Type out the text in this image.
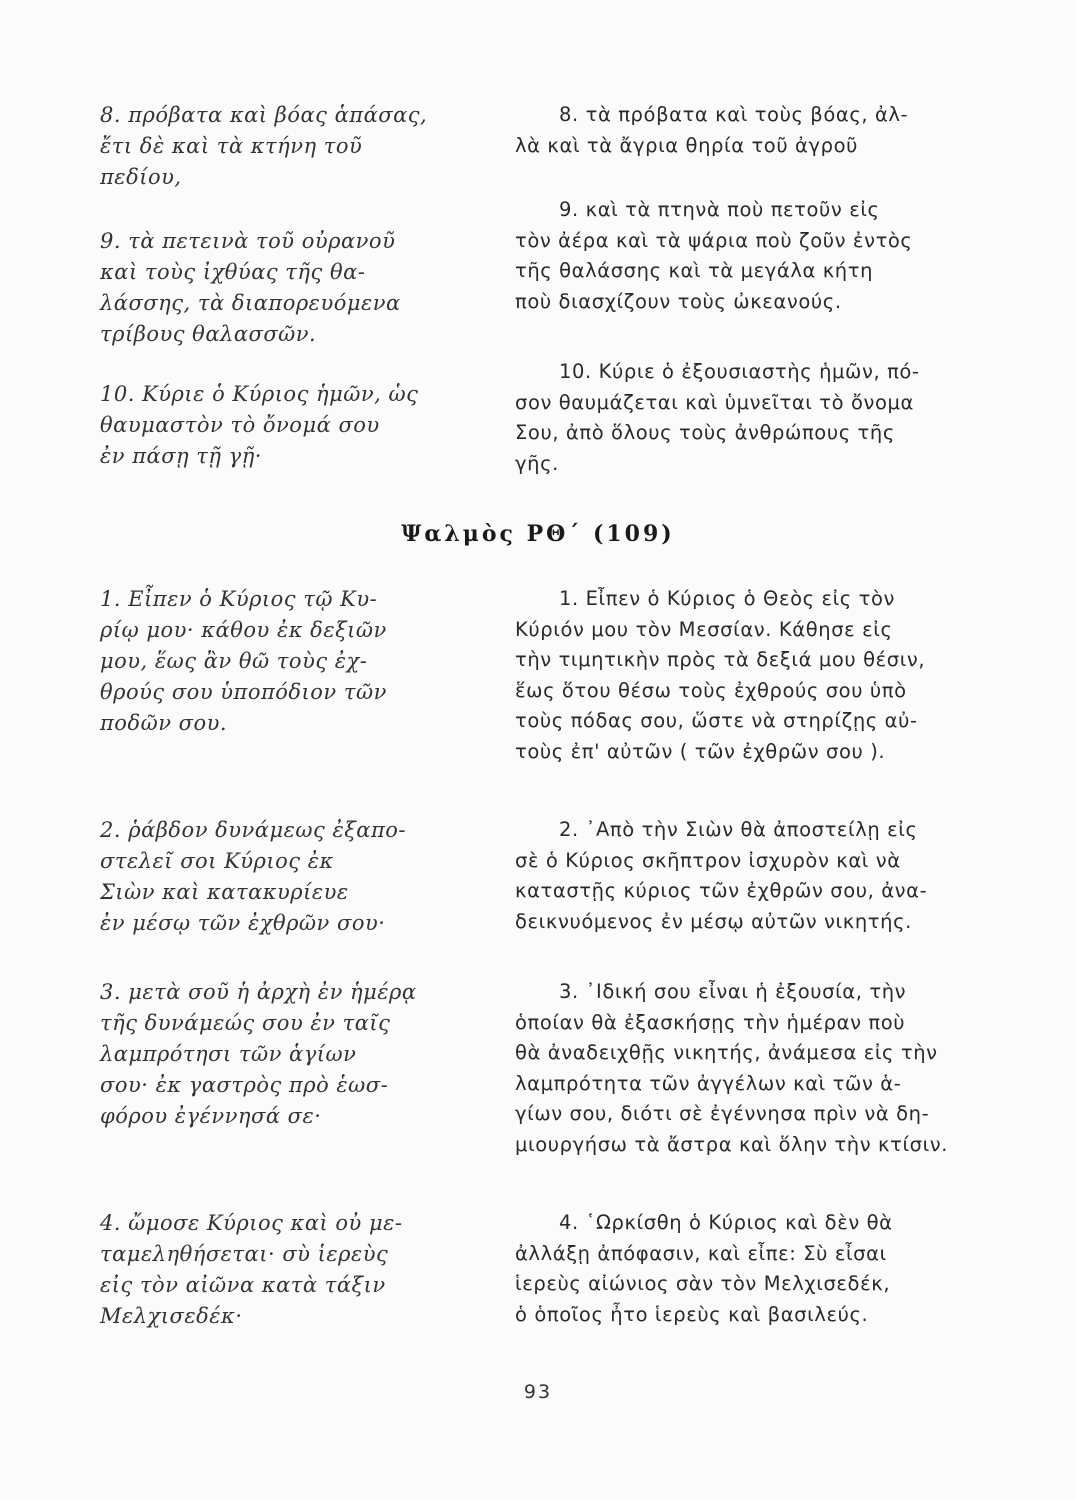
8. πρόβατα καὶ βόας ἁπάσας,
ἔτι δὲ καὶ τὰ κτήνη τοῦ
πεδίου,
8. τὰ πρόβατα καὶ τοὺς βόας, ἀλ-
λὰ καὶ τὰ ἄγρια θηρία τοῦ ἀγροῦ
9. τὰ πετεινὰ τοῦ οὐρανοῦ
καὶ τοὺς ἰχθύας τῆς θα-
λάσσης, τὰ διαπορευόμενα
τρίβους θαλασσῶν.
9. καὶ τὰ πτηνὰ ποὺ πετοῦν εἰς
τὸν ἀέρα καὶ τὰ ψάρια ποὺ ζοῦν ἐντὸς
τῆς θαλάσσης καὶ τὰ μεγάλα κήτη
ποὺ διασχίζουν τοὺς ὠκεανούς.
10. Κύριε ὁ Κύριος ἡμῶν, ὡς
θαυμαστὸν τὸ ὄνομά σου
ἐν πάσῃ τῇ γῇ·
10. Κύριε ὁ ἐξουσιαστὴς ἡμῶν, πό-
σον θαυμάζεται καὶ ὑμνεῖται τὸ ὄνομα
Σου, ἀπὸ ὅλους τοὺς ἀνθρώπους τῆς
γῆς.
Ψαλμὸς ΡΘ΄ (109)
1. Εἶπεν ὁ Κύριος τῷ Κυ-
ρίῳ μου· κάθου ἐκ δεξιῶν
μου, ἕως ἂν θῶ τοὺς ἐχ-
θρούς σου ὑποπόδιον τῶν
ποδῶν σου.
1. Εἶπεν ὁ Κύριος ὁ Θεὸς εἰς τὸν
Κύριόν μου τὸν Μεσσίαν. Κάθησε εἰς
τὴν τιμητικὴν πρὸς τὰ δεξιά μου θέσιν,
ἕως ὅτου θέσω τοὺς ἐχθρούς σου ὑπὸ
τοὺς πόδας σου, ὥστε νὰ στηρίζῃς αὐ-
τοὺς ἐπ' αὐτῶν ( τῶν ἐχθρῶν σου ).
2. ῥάβδον δυνάμεως ἐξαπο-
στελεῖ σοι Κύριος ἐκ
Σιὼν καὶ κατακυρίευε
ἐν μέσῳ τῶν ἐχθρῶν σου·
2. ᾿Απὸ τὴν Σιὼν θὰ ἀποστείλῃ εἰς
σὲ ὁ Κύριος σκῆπτρον ἰσχυρὸν καὶ νὰ
καταστῇς κύριος τῶν ἐχθρῶν σου, ἀνα-
δεικνυόμενος ἐν μέσῳ αὐτῶν νικητής.
3. μετὰ σοῦ ἡ ἀρχὴ ἐν ἡμέρᾳ
τῆς δυνάμεώς σου ἐν ταῖς
λαμπρότησι τῶν ἁγίων
σου· ἐκ γαστρὸς πρὸ ἑωσ-
φόρου ἐγέννησά σε·
3. ᾿Ιδική σου εἶναι ἡ ἐξουσία, τὴν
ὁποίαν θὰ ἐξασκήσῃς τὴν ἡμέραν ποὺ
θὰ ἀναδειχθῇς νικητής, ἀνάμεσα εἰς τὴν
λαμπρότητα τῶν ἀγγέλων καὶ τῶν ἁ-
γίων σου, διότι σὲ ἐγέννησα πρὶν νὰ δη-
μιουργήσω τὰ ἄστρα καὶ ὅλην τὴν κτίσιν.
4. ὤμοσε Κύριος καὶ οὐ με-
ταμεληθήσεται· σὺ ἱερεὺς
εἰς τὸν αἰῶνα κατὰ τάξιν
Μελχισεδέκ·
4. ῾Ωρκίσθη ὁ Κύριος καὶ δὲν θὰ
ἀλλάξῃ ἀπόφασιν, καὶ εἶπε: Σὺ εἶσαι
ἱερεὺς αἰώνιος σὰν τὸν Μελχισεδέκ,
ὁ ὁποῖος ἦτο ἱερεὺς καὶ βασιλεύς.
93
